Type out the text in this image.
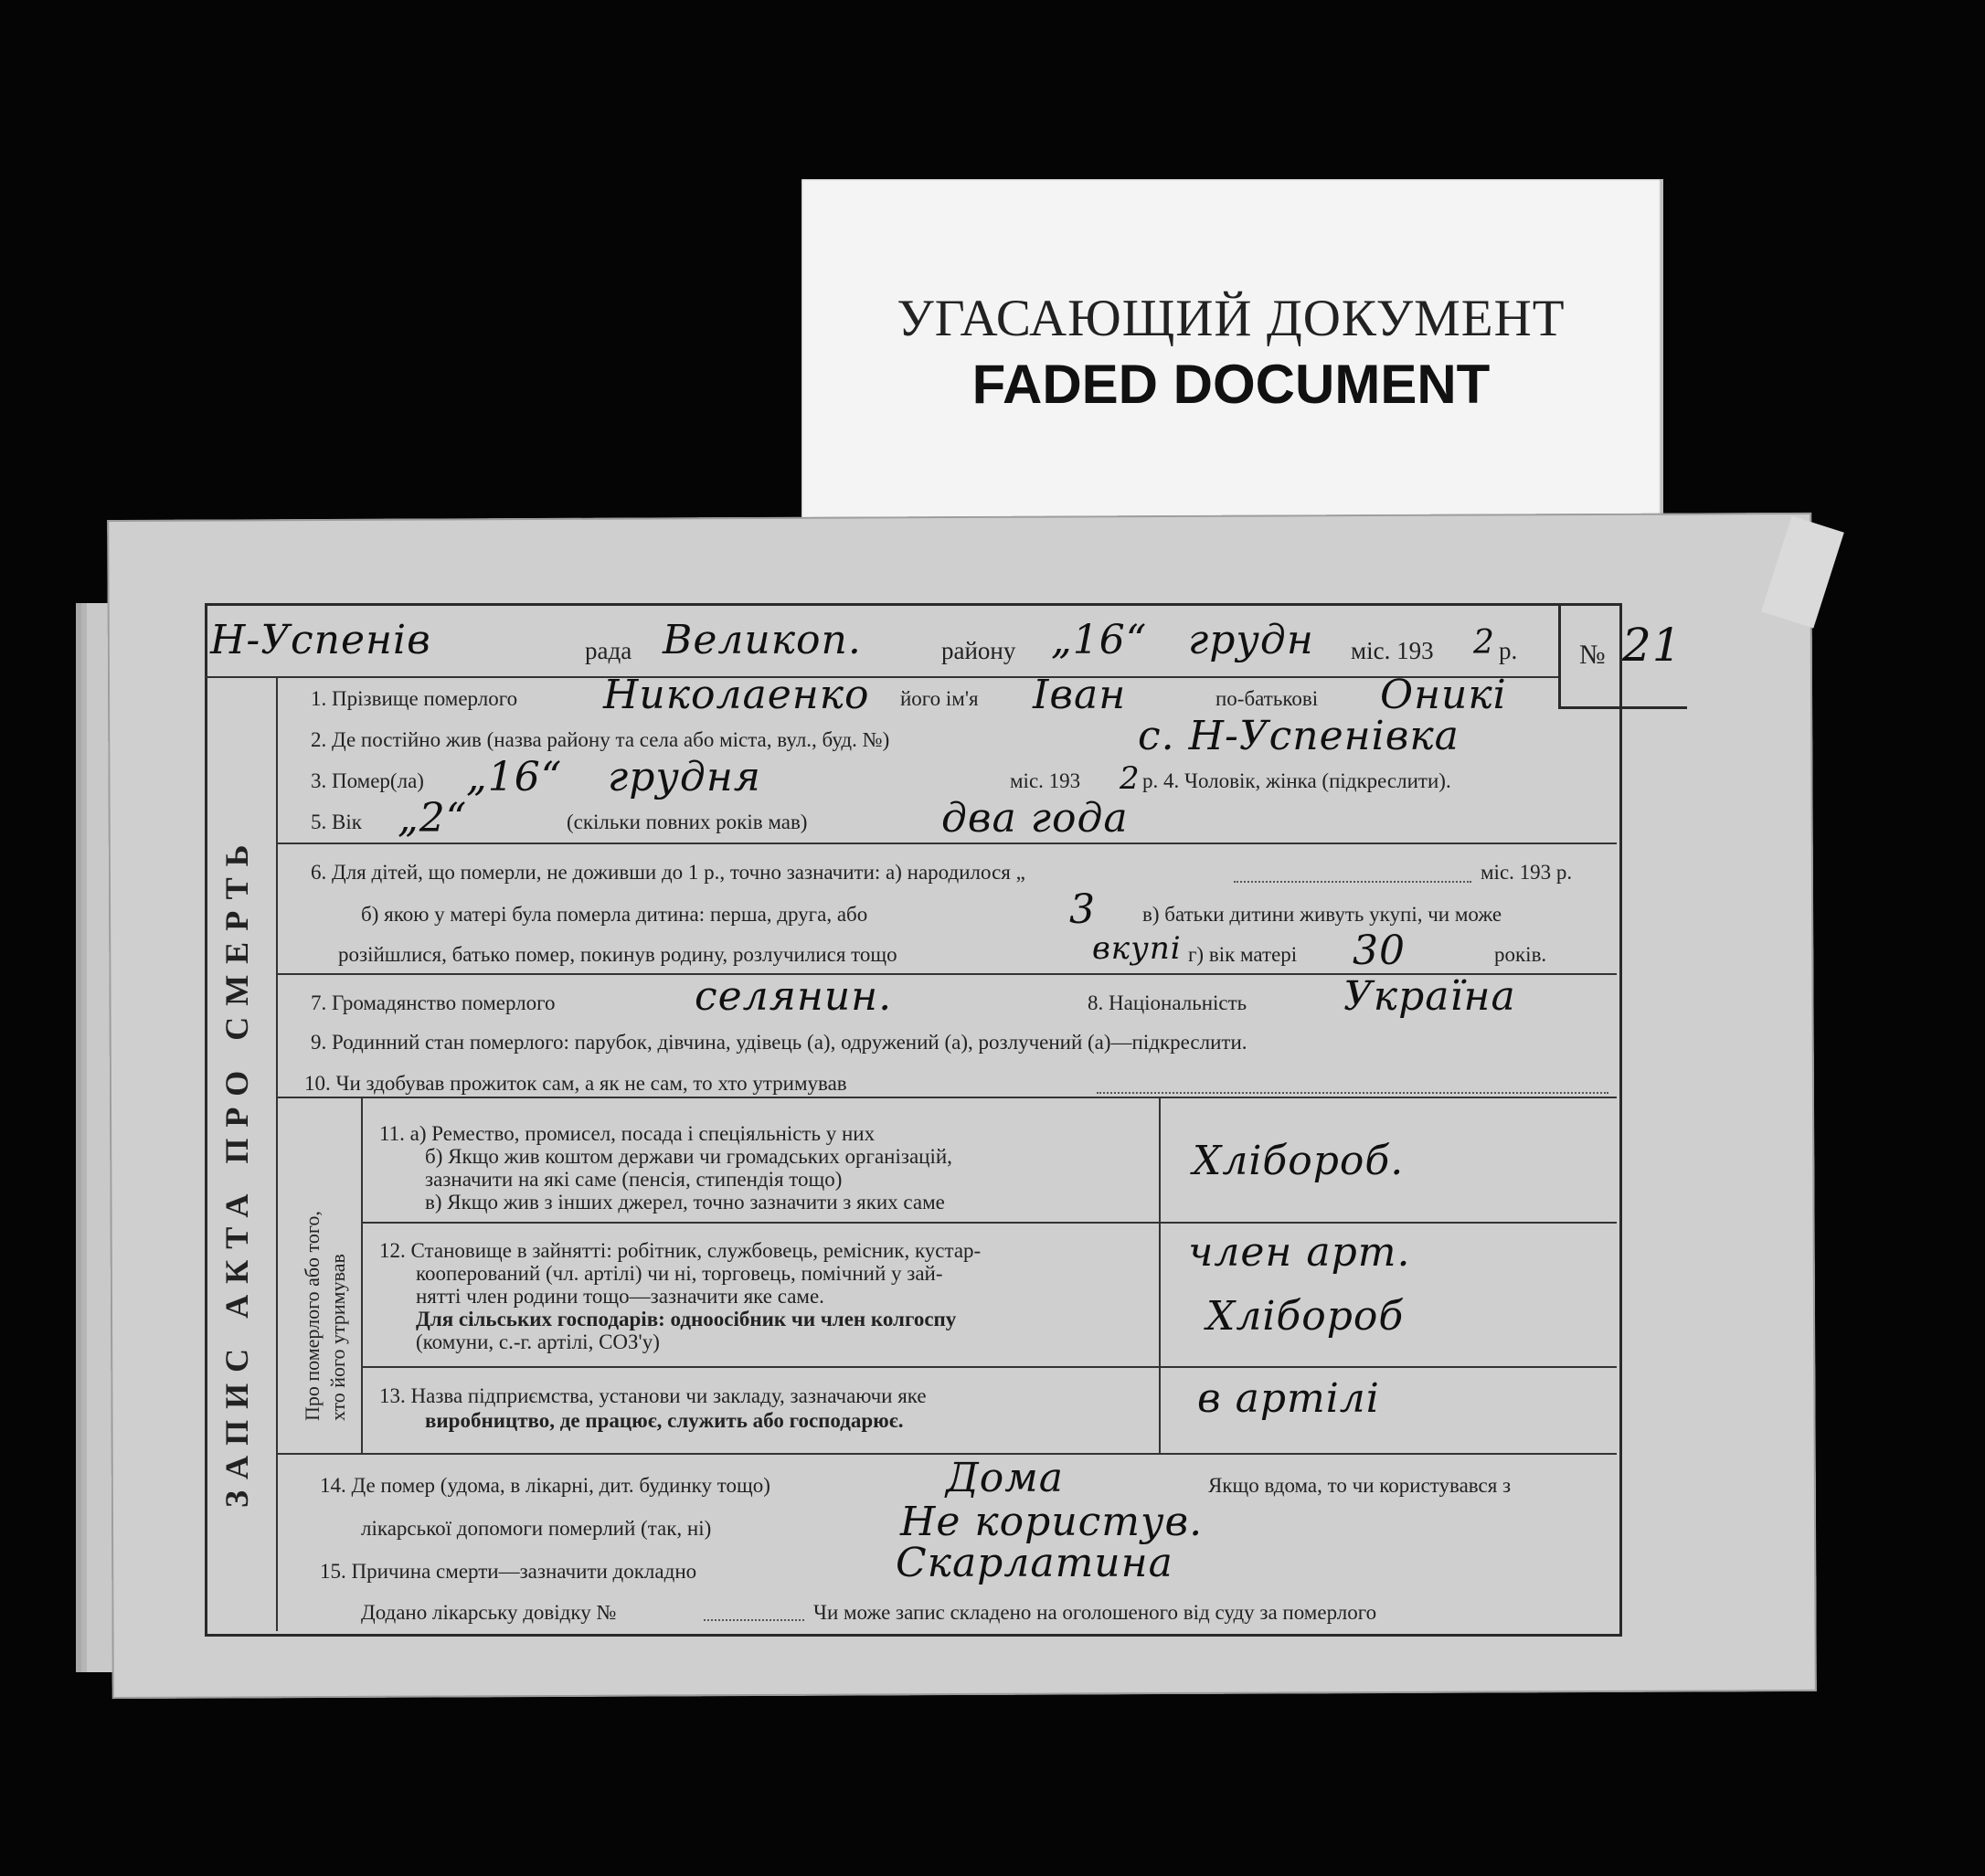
УГАСАЮЩИЙ ДОКУМЕНТ
FADED DOCUMENT
Н-Успенів	рада Великоп.	району „16“ грудн міс. 193 2 р. № 21
ЗАПИС АКТА ПРО СМЕРТЬ
1. Прізвище померлого Николаенко його ім'я Іван	по-батькові Оникі
2. Де постійно жив (назва району та села або міста, вул., буд. №)	с. Н-Успенівка
3. Помер(ла) „16“ грудня	міс. 193 2 р. 4. Чоловік, жінка (підкреслити).
5. Вік „2“	(скільки повних років мав)	два года
6. Для дітей, що померли, не доживши до 1 р., точно зазначити: а) народилося „	міс. 193 р.
б) якою у матері була померла дитина: перша, друга, або	3 в) батьки дитини живуть укупі, чи може
розійшлися, батько помер, покинув родину, розлучилися тощо	вкупі г) вік матері 30	років.
7. Громадянство померлого	селянин.	8. Національність Україна
9. Родинний стан померлого: парубок, дівчина, удівець (а), одружений (а), розлучений (а)—підкреслити.
10. Чи здобував прожиток сам, а як не сам, то хто утримував
Про померлого або того, хто його утримував
11. а) Ремество, промисел, посада і спеціяльність у них
б) Якщо жив коштом держави чи громадських організацій,
зазначити на які саме (пенсія, стипендія тощо)
в) Якщо жив з інших джерел, точно зазначити з яких саме
Хлібороб.
12. Становище в зайнятті: робітник, службовець, ремісник, кустар-
кооперований (чл. артілі) чи ні, торговець, помічний у зай-
нятті член родини тощо—зазначити яке саме.
Для сільських господарів: одноосібник чи член колгоспу
(комуни, с.-г. артілі, СОЗ'у)
член арт.
Хлібороб
13. Назва підприємства, установи чи закладу, зазначаючи яке
виробництво, де працює, служить або господарює.	в артілі
14. Де помер (удома, в лікарні, дит. будинку тощо)	Дома	Якщо вдома, то чи користувався з
лікарської допомоги померлий (так, ні)	Не користув.
15. Причина смерти—зазначити докладно	Скарлатина
Додано лікарську довідку №	Чи може запис складено на оголошеного від суду за померлого
